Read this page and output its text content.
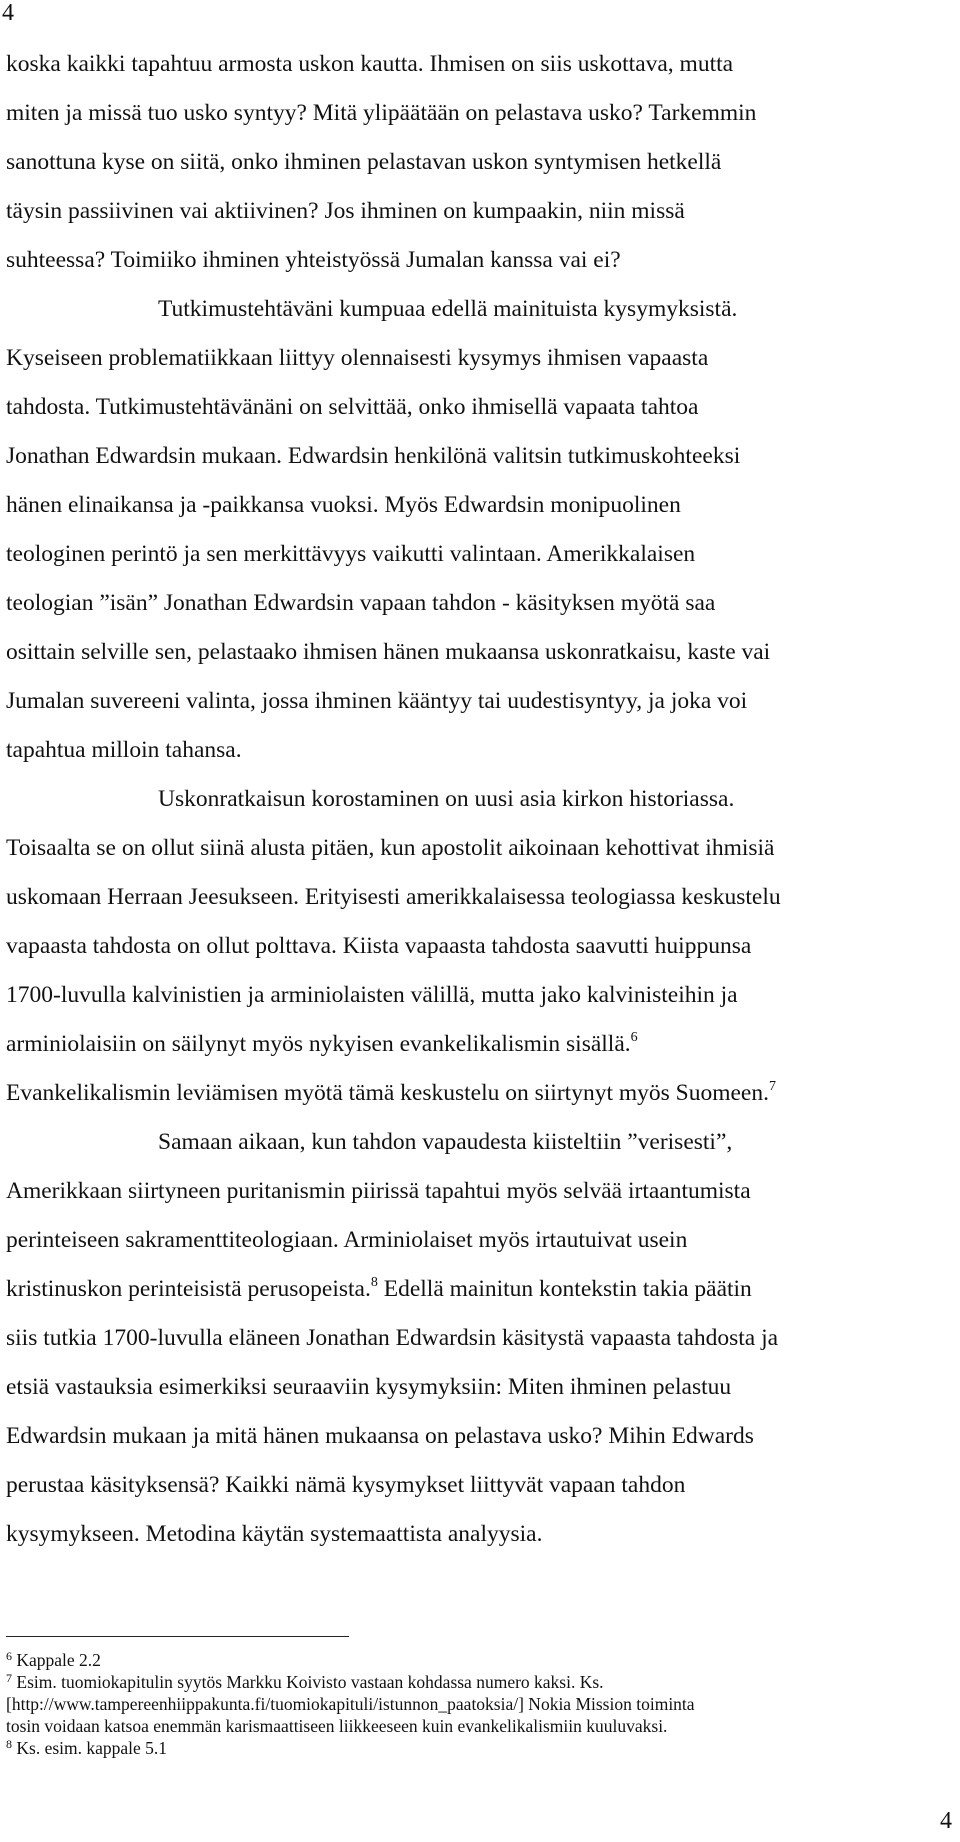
4
koska kaikki tapahtuu armosta uskon kautta. Ihmisen on siis uskottava, mutta
miten ja missä tuo usko syntyy? Mitä ylipäätään on pelastava usko? Tarkemmin
sanottuna kyse on siitä, onko ihminen pelastavan uskon syntymisen hetkellä
täysin passiivinen vai aktiivinen? Jos ihminen on kumpaakin, niin missä
suhteessa? Toimiiko ihminen yhteistyössä Jumalan kanssa vai ei?
Tutkimustehtäväni kumpuaa edellä mainituista kysymyksistä.
Kyseiseen problematiikkaan liittyy olennaisesti kysymys ihmisen vapaasta
tahdosta. Tutkimustehtävänäni on selvittää, onko ihmisellä vapaata tahtoa
Jonathan Edwardsin mukaan. Edwardsin henkilönä valitsin tutkimuskohteeksi
hänen elinaikansa ja -paikkansa vuoksi. Myös Edwardsin monipuolinen
teologinen perintö ja sen merkittävyys vaikutti valintaan. Amerikkalaisen
teologian ”isän” Jonathan Edwardsin vapaan tahdon - käsityksen myötä saa
osittain selville sen, pelastaako ihmisen hänen mukaansa uskonratkaisu, kaste vai
Jumalan suvereeni valinta, jossa ihminen kääntyy tai uudestisyntyy, ja joka voi
tapahtua milloin tahansa.
Uskonratkaisun korostaminen on uusi asia kirkon historiassa.
Toisaalta se on ollut siinä alusta pitäen, kun apostolit aikoinaan kehottivat ihmisiä
uskomaan Herraan Jeesukseen. Erityisesti amerikkalaisessa teologiassa keskustelu
vapaasta tahdosta on ollut polttava. Kiista vapaasta tahdosta saavutti huippunsa
1700-luvulla kalvinistien ja arminiolaisten välillä, mutta jako kalvinisteihin ja
arminiolaisiin on säilynyt myös nykyisen evankelikalismin sisällä.$^6$
Evankelikalismin leviämisen myötä tämä keskustelu on siirtynyt myös Suomeen.$^7$
Samaan aikaan, kun tahdon vapaudesta kiisteltiin ”verisesti”,
Amerikkaan siirtyneen puritanismin piirissä tapahtui myös selvää irtaantumista
perinteiseen sakramenttiteologiaan. Arminiolaiset myös irtautuivat usein
kristinuskon perinteisistä perusopeista.$^8$ Edellä mainitun kontekstin takia päätin
siis tutkia 1700-luvulla eläneen Jonathan Edwardsin käsitystä vapaasta tahdosta ja
etsiä vastauksia esimerkiksi seuraaviin kysymyksiin: Miten ihminen pelastuu
Edwardsin mukaan ja mitä hänen mukaansa on pelastava usko? Mihin Edwards
perustaa käsityksensä? Kaikki nämä kysymykset liittyvät vapaan tahdon
kysymykseen. Metodina käytän systemaattista analyysia.
$^6$ Kappale 2.2
$^7$ Esim. tuomiokapitulin syytös Markku Koivisto vastaan kohdassa numero kaksi. Ks.
[http://www.tampereenhiippakunta.fi/tuomiokapituli/istunnon_paatoksia/] Nokia Mission toiminta
tosin voidaan katsoa enemmän karismaattiseen liikkeeseen kuin evankelikalismiin kuuluvaksi.
$^8$ Ks. esim. kappale 5.1
4
